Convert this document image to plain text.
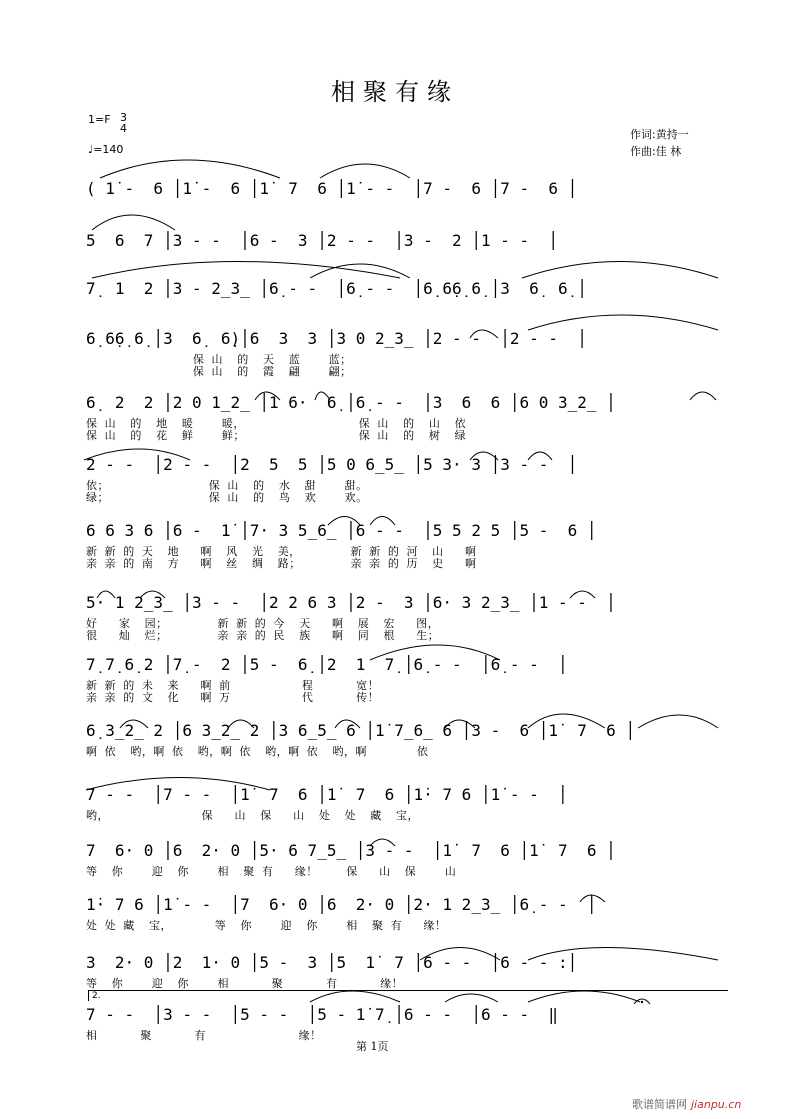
相聚有缘
1=F 3
4
♩=140
作词:黄持一
作曲:佳 林
( 1̇ -  6 │1̇ -  6 │1̇  7  6 │1̇ - -  │7 -  6 │7 -  6 │
5  6  7 │3 - -  │6 -  3 │2 - -  │3 -  2 │1 - -  │
7̣  1  2 │3 - 2̲3̲ │6̣ - -  │6̣ - -  │6̣ 6̣6̣ 6̣ │3  6̣  6̣ │
6̣ 6̣6̣ 6̣ │3  6̣  6̣)│6  3  3 │3 0 2̲3̲ │2 - -  │2 - -  │
保 山  的  天  蓝    蓝；
保 山  的  霞  翩    翩；
6̣  2  2 │2 0 1̲2̲ │1 6·  6̣ │6̣ - -  │3  6  6 │6 0 3̲2̲ │
保 山  的  地  暖    暖，                保 山  的  山  依
保 山  的  花  鲜    鲜；                保 山  的  树  绿
2 - -  │2 - -  │2  5  5 │5 0 6̲5̲ │5 3· 3 │3 - -  │
依；              保 山  的  水  甜    甜。
绿；              保 山  的  鸟  欢    欢。
6 6 3 6 │6 -  1̇ │7· 3 5̲6̲ │6 - -  │5 5 2 5 │5 -  6 │
新 新 的 天  地   啊  风  光  美，       新 新 的 河  山   啊
亲 亲 的 南  方   啊  丝  绸  路；       亲 亲 的 历  史   啊
5· 1 2̲3̲ │3 - -  │2 2 6 3 │2 -  3 │6· 3 2̲3̲ │1 - -  │
好   家  园；       新 新 的 今  天   啊  展  宏   图，
很   灿  烂；       亲 亲 的 民  族   啊  同  根   生；
7̣ 7̣ 6̣ 2 │7̣ -  2 │5 -  6̣ │2  1  7̣ │6̣ - -  │6̣ - -  │
新 新 的 未  来   啊 前          程      宽！
亲 亲 的 文  化   啊 万          代      传！
6̣ 3̲2̲ 2 │6 3̲2̲ 2 │3 6̲5̲ 6 │1̇ 7̲6̲ 6 │3 -  6 │1̇  7  6 │
啊 依  哟，啊 依  哟，啊 依  哟，啊 依  哟，啊       依
7 - -  │7 - -  │1̇  7  6 │1̇  7  6 │1̇· 7 6 │1̇ - -  │
哟，             保   山  保   山  处  处  藏  宝，
7  6· 0 │6  2· 0 │5· 6 7̲5̲ │3 - -  │1̇  7  6 │1̇  7  6 │
等  你    迎  你    相  聚 有   缘！    保   山  保    山
1̇· 7 6 │1̇ - -  │7  6· 0 │6  2· 0 │2· 1 2̲3̲ │6̣ - -  │
处 处 藏  宝，      等  你    迎  你    相  聚 有   缘！
3  2· 0 │2  1· 0 │5 -  3 │5  1̇  7 │6 - -  │6 - - :│
等  你    迎  你    相      聚      有      缘！
7 - -  │3 - -  │5 - -  │5 - 1̇ 7̣ │6 - -  │6 - -  ‖
相      聚      有             缘！
2.
第 1页
歌谱简谱网 jianpu.cn
